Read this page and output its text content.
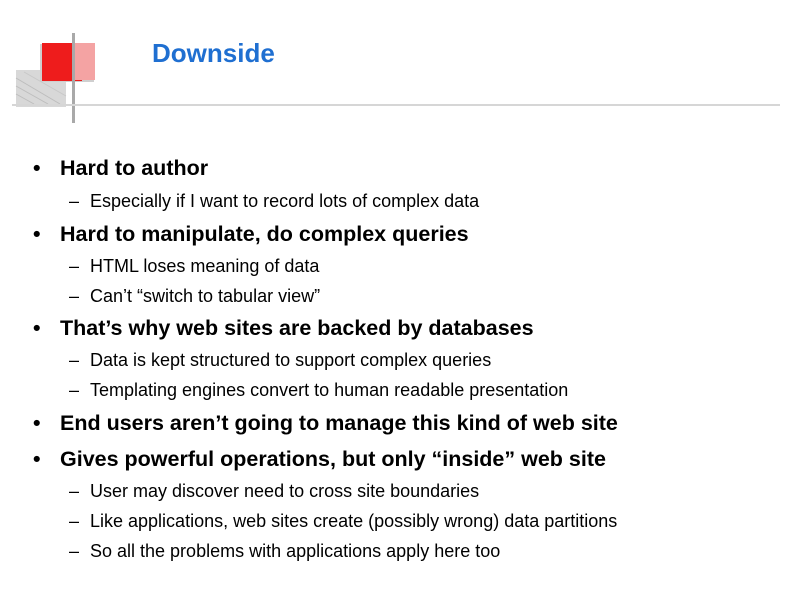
Downside
• Hard to author
– Especially if I want to record lots of complex data
• Hard to manipulate, do complex queries
– HTML loses meaning of data
– Can’t “switch to tabular view”
• That’s why web sites are backed by databases
– Data is kept structured to support complex queries
– Templating engines convert to human readable presentation
• End users aren’t going to manage this kind of web site
• Gives powerful operations, but only “inside” web site
– User may discover need to cross site boundaries
– Like applications, web sites create (possibly wrong) data partitions
– So all the problems with applications apply here too
